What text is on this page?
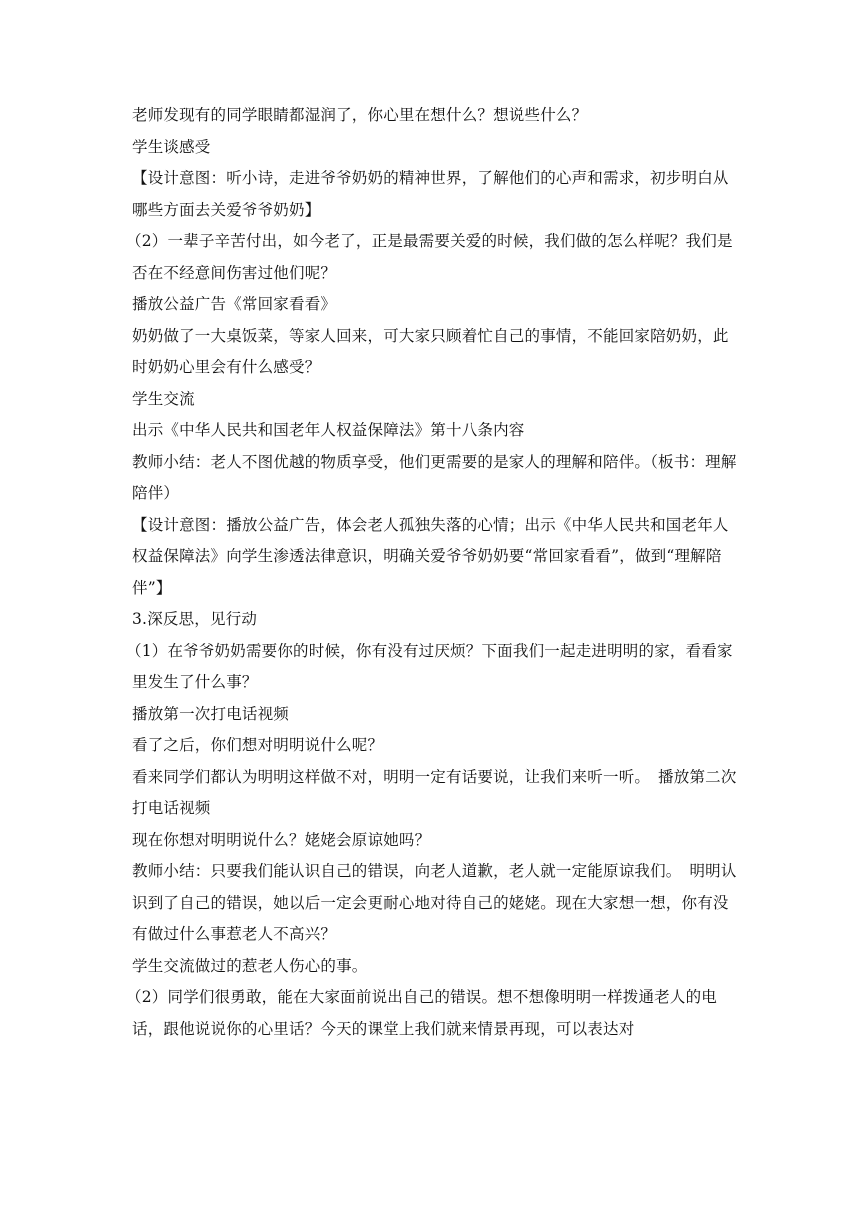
老师发现有的同学眼睛都湿润了，你心里在想什么？想说些什么？

学生谈感受

【设计意图：听小诗，走进爷爷奶奶的精神世界，了解他们的心声和需求，初步明白从哪些方面去关爱爷爷奶奶】

（2）一辈子辛苦付出，如今老了，正是最需要关爱的时候，我们做的怎么样呢？我们是否在不经意间伤害过他们呢？

播放公益广告《常回家看看》

奶奶做了一大桌饭菜，等家人回来，可大家只顾着忙自己的事情，不能回家陪奶奶，此时奶奶心里会有什么感受？

学生交流

出示《中华人民共和国老年人权益保障法》第十八条内容

教师小结：老人不图优越的物质享受，他们更需要的是家人的理解和陪伴。（板书：理解陪伴）

【设计意图：播放公益广告，体会老人孤独失落的心情；出示《中华人民共和国老年人权益保障法》向学生渗透法律意识，明确关爱爷爷奶奶要“常回家看看”，做到“理解陪伴”】

3.深反思，见行动

（1）在爷爷奶奶需要你的时候，你有没有过厌烦？下面我们一起走进明明的家，看看家里发生了什么事？

播放第一次打电话视频

看了之后，你们想对明明说什么呢？

看来同学们都认为明明这样做不对，明明一定有话要说，让我们来听一听。　播放第二次打电话视频

现在你想对明明说什么？姥姥会原谅她吗？

教师小结：只要我们能认识自己的错误，向老人道歉，老人就一定能原谅我们。　明明认识到了自己的错误，她以后一定会更耐心地对待自己的姥姥。现在大家想一想，你有没有做过什么事惹老人不高兴？

学生交流做过的惹老人伤心的事。

（2）同学们很勇敢，能在大家面前说出自己的错误。想不想像明明一样拨通老人的电话，跟他说说你的心里话？今天的课堂上我们就来情景再现，可以表达对
